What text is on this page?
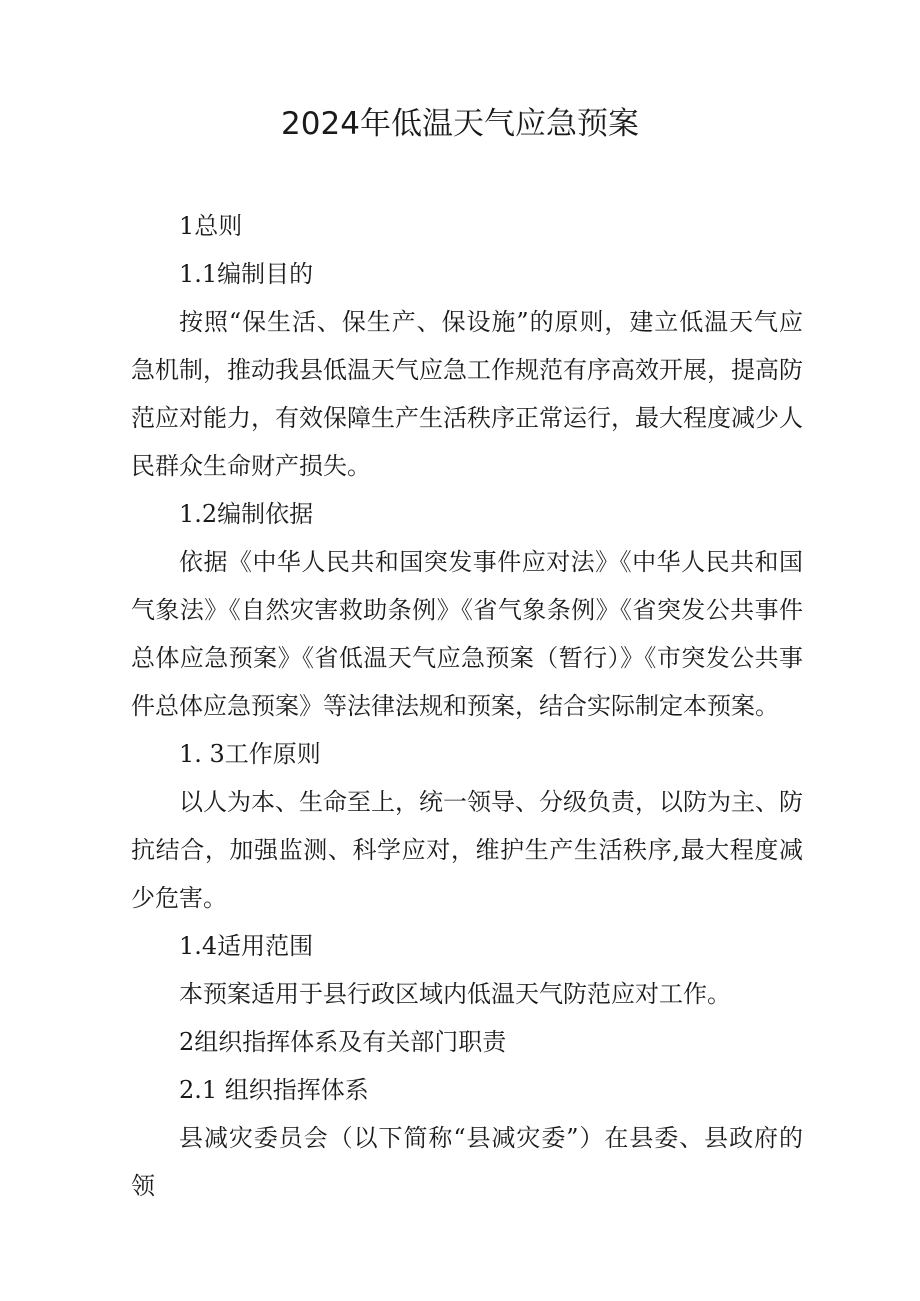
2024年低温天气应急预案

1总则

1.1编制目的

按照“保生活、保生产、保设施”的原则，建立低温天气应急机制，推动我县低温天气应急工作规范有序高效开展，提高防范应对能力，有效保障生产生活秩序正常运行，最大程度减少人民群众生命财产损失。

1.2编制依据

依据《中华人民共和国突发事件应对法》《中华人民共和国气象法》《自然灾害救助条例》《省气象条例》《省突发公共事件总体应急预案》《省低温天气应急预案（暂行）》《市突发公共事件总体应急预案》等法律法规和预案，结合实际制定本预案。

1. 3工作原则

以人为本、生命至上，统一领导、分级负责，以防为主、防抗结合，加强监测、科学应对，维护生产生活秩序,最大程度减少危害。

1.4适用范围

本预案适用于县行政区域内低温天气防范应对工作。

2组织指挥体系及有关部门职责

2.1 组织指挥体系

县减灾委员会（以下简称“县减灾委”）在县委、县政府的领
